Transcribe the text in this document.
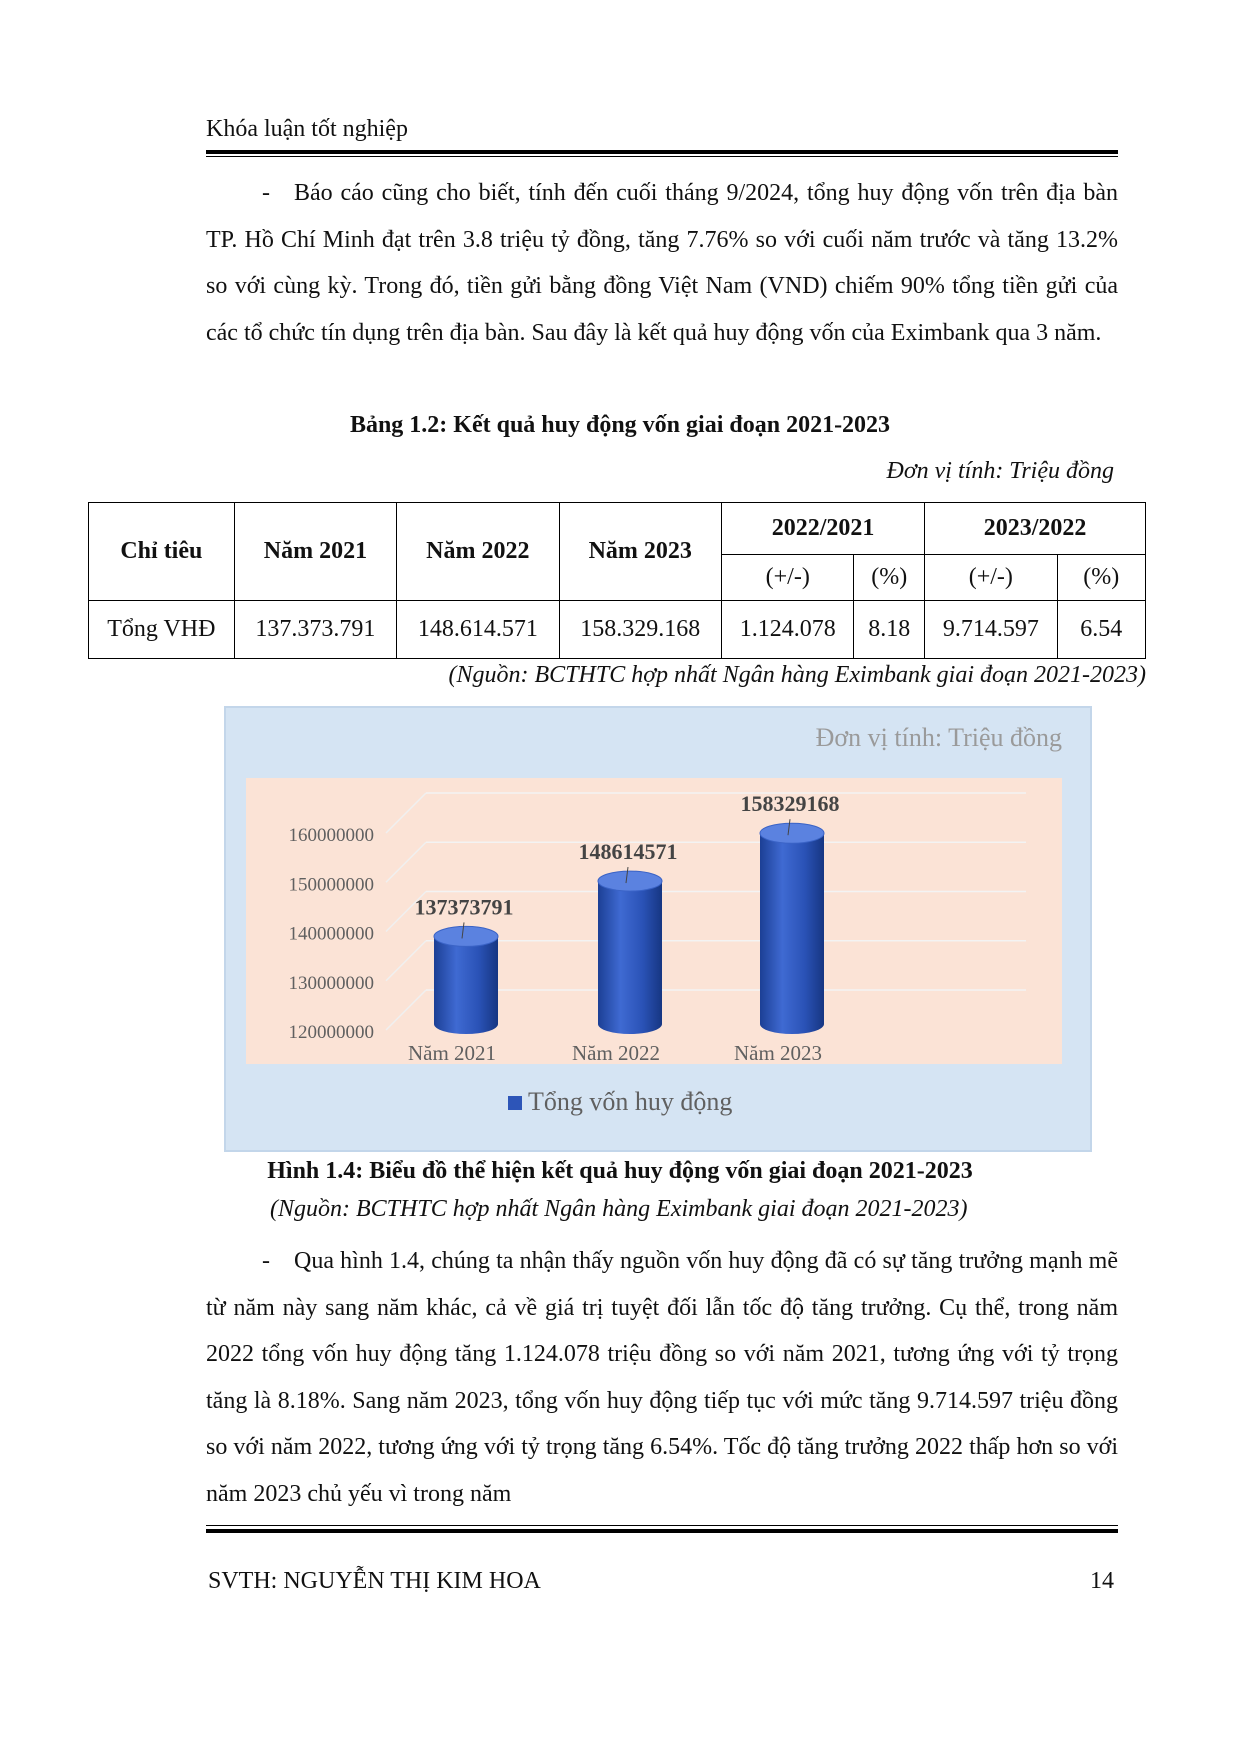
Khóa luận tốt nghiệp

- Báo cáo cũng cho biết, tính đến cuối tháng 9/2024, tổng huy động vốn trên địa bàn TP. Hồ Chí Minh đạt trên 3.8 triệu tỷ đồng, tăng 7.76% so với cuối năm trước và tăng 13.2% so với cùng kỳ. Trong đó, tiền gửi bằng đồng Việt Nam (VND) chiếm 90% tổng tiền gửi của các tổ chức tín dụng trên địa bàn. Sau đây là kết quả huy động vốn của Eximbank qua 3 năm.

Bảng 1.2: Kết quả huy động vốn giai đoạn 2021-2023
Đơn vị tính: Triệu đồng
Chỉ tiêu	Năm 2021	Năm 2022	Năm 2023	2022/2021		2023/2022	
				(+/-)	(%)	(+/-)	(%)
Tổng VHĐ	137.373.791	148.614.571	158.329.168	1.124.078	8.18	9.714.597	6.54
(Nguồn: BCTHTC hợp nhất Ngân hàng Eximbank giai đoạn 2021-2023)
Đơn vị tính: Triệu đồng
120000000
130000000
140000000
150000000
160000000
137373791
Năm 2021
148614571
Năm 2022
158329168
Năm 2023
Tổng vốn huy động
Hình 1.4: Biểu đồ thể hiện kết quả huy động vốn giai đoạn 2021-2023
(Nguồn: BCTHTC hợp nhất Ngân hàng Eximbank giai đoạn 2021-2023)

- Qua hình 1.4, chúng ta nhận thấy nguồn vốn huy động đã có sự tăng trưởng mạnh mẽ từ năm này sang năm khác, cả về giá trị tuyệt đối lẫn tốc độ tăng trưởng. Cụ thể, trong năm 2022 tổng vốn huy động tăng 1.124.078 triệu đồng so với năm 2021, tương ứng với tỷ trọng tăng là 8.18%. Sang năm 2023, tổng vốn huy động tiếp tục với mức tăng 9.714.597 triệu đồng so với năm 2022, tương ứng với tỷ trọng tăng 6.54%. Tốc độ tăng trưởng 2022 thấp hơn so với năm 2023 chủ yếu vì trong năm

SVTH: NGUYỄN THỊ KIM HOA	14
